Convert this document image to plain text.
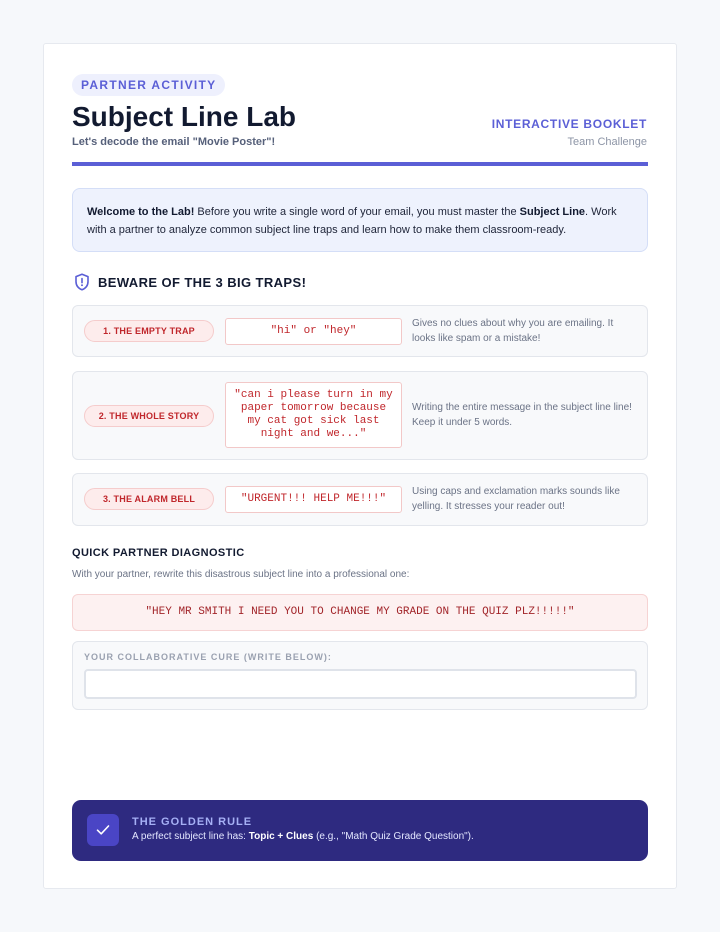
PARTNER ACTIVITY
Subject Line Lab
Let's decode the email "Movie Poster"!
INTERACTIVE BOOKLET
Team Challenge
Welcome to the Lab! Before you write a single word of your email, you must master the Subject Line. Work with a partner to analyze common subject line traps and learn how to make them classroom-ready.
BEWARE OF THE 3 BIG TRAPS!
1. THE EMPTY TRAP	"hi" or "hey"
Gives no clues about why you are emailing. It looks like spam or a mistake!
2. THE WHOLE STORY
"can i please turn in my paper tomorrow because my cat got sick last night and we..."
Writing the entire message in the subject line line! Keep it under 5 words.
3. THE ALARM BELL	"URGENT!!! HELP ME!!!"
Using caps and exclamation marks sounds like yelling. It stresses your reader out!
QUICK PARTNER DIAGNOSTIC
With your partner, rewrite this disastrous subject line into a professional one:
"HEY MR SMITH I NEED YOU TO CHANGE MY GRADE ON THE QUIZ PLZ!!!!!"
YOUR COLLABORATIVE CURE (WRITE BELOW):
THE GOLDEN RULE
A perfect subject line has: Topic + Clues (e.g., "Math Quiz Grade Question").
